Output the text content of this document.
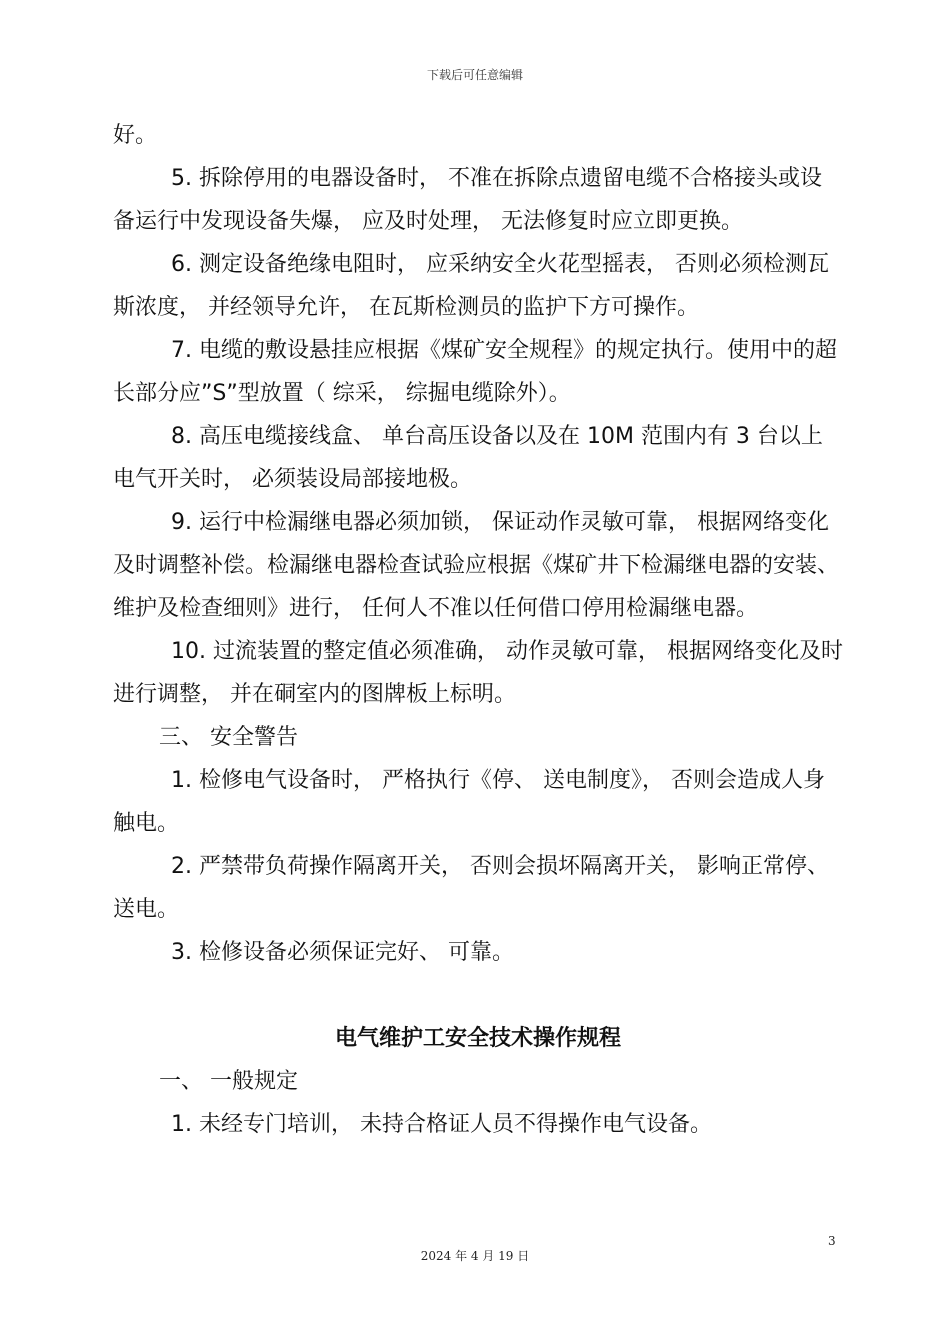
下载后可任意编辑

好。

5. 拆除停用的电器设备时， 不准在拆除点遗留电缆不合格接头或设备运行中发现设备失爆， 应及时处理， 无法修复时应立即更换。

6. 测定设备绝缘电阻时， 应采纳安全火花型摇表， 否则必须检测瓦斯浓度， 并经领导允许， 在瓦斯检测员的监护下方可操作。

7. 电缆的敷设悬挂应根据《煤矿安全规程》的规定执行。使用中的超长部分应”S”型放置（ 综采， 综掘电缆除外）。

8. 高压电缆接线盒、 单台高压设备以及在 10M 范围内有 3 台以上电气开关时， 必须装设局部接地极。

9. 运行中检漏继电器必须加锁， 保证动作灵敏可靠， 根据网络变化及时调整补偿。检漏继电器检查试验应根据《煤矿井下检漏继电器的安装、 维护及检查细则》进行， 任何人不准以任何借口停用检漏继电器。

10. 过流装置的整定值必须准确， 动作灵敏可靠， 根据网络变化及时进行调整， 并在硐室内的图牌板上标明。

三、 安全警告

1. 检修电气设备时， 严格执行《停、 送电制度》， 否则会造成人身触电。

2. 严禁带负荷操作隔离开关， 否则会损坏隔离开关， 影响正常停、 送电。

3. 检修设备必须保证完好、 可靠。

电气维护工安全技术操作规程

一、 一般规定

1. 未经专门培训， 未持合格证人员不得操作电气设备。

3
2024 年 4 月 19 日
